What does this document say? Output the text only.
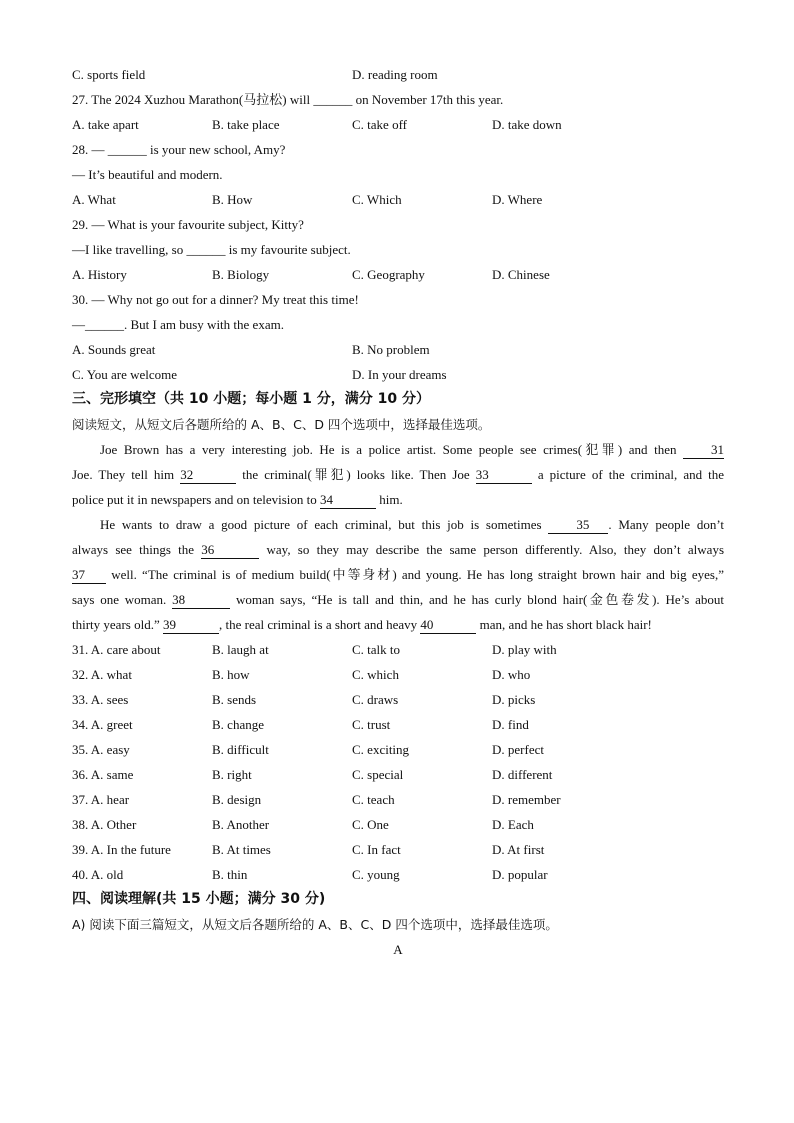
C. sports field	D. reading room
27. The 2024 Xuzhou Marathon(马拉松) will ______ on November 17th this year.
A. take apart	B. take place	C. take off	D. take down
28. — ______ is your new school, Amy?
— It’s beautiful and modern.
A. What	B. How	C. Which	D. Where
29. — What is your favourite subject, Kitty?
—I like travelling, so ______ is my favourite subject.
A. History	B. Biology	C. Geography	D. Chinese
30. — Why not go out for a dinner? My treat this time!
—______. But I am busy with the exam.
A. Sounds great	B. No problem
C. You are welcome	D. In your dreams
三、完形填空（共 10 小题；每小题 1 分，满分 10 分）
阅读短文，从短文后各题所给的 A、B、C、D 四个选项中，选择最佳选项。
Joe Brown has a very interesting job. He is a police artist. Some people see crimes(犯罪) and then	31
Joe. They tell him 32	the criminal(罪犯) looks like. Then Joe 33	a picture of the criminal, and the
police put it in newspapers and on television to 34	him.
He wants to draw a good picture of each criminal, but this job is sometimes	35 . Many people don’t
always see things the 36	way, so they may describe the same person differently. Also, they don’t always
37 well. “The criminal is of medium build(中等身材) and young. He has long straight brown hair and big eyes,”
says one woman. 38	woman says, “He is tall and thin, and he has curly blond hair(金色卷发). He’s about
thirty years old.” 39	, the real criminal is a short and heavy 40	man, and he has short black hair!
31. A. care about	B. laugh at	C. talk to	D. play with
32. A. what	B. how	C. which	D. who
33. A. sees	B. sends	C. draws	D. picks
34. A. greet	B. change	C. trust	D. find
35. A. easy	B. difficult	C. exciting	D. perfect
36. A. same	B. right	C. special	D. different
37. A. hear	B. design	C. teach	D. remember
38. A. Other	B. Another	C. One	D. Each
39. A. In the future	B. At times	C. In fact	D. At first
40. A. old	B. thin	C. young	D. popular
四、阅读理解(共 15 小题；满分 30 分)
A) 阅读下面三篇短文，从短文后各题所给的 A、B、C、D 四个选项中，选择最佳选项。
A
